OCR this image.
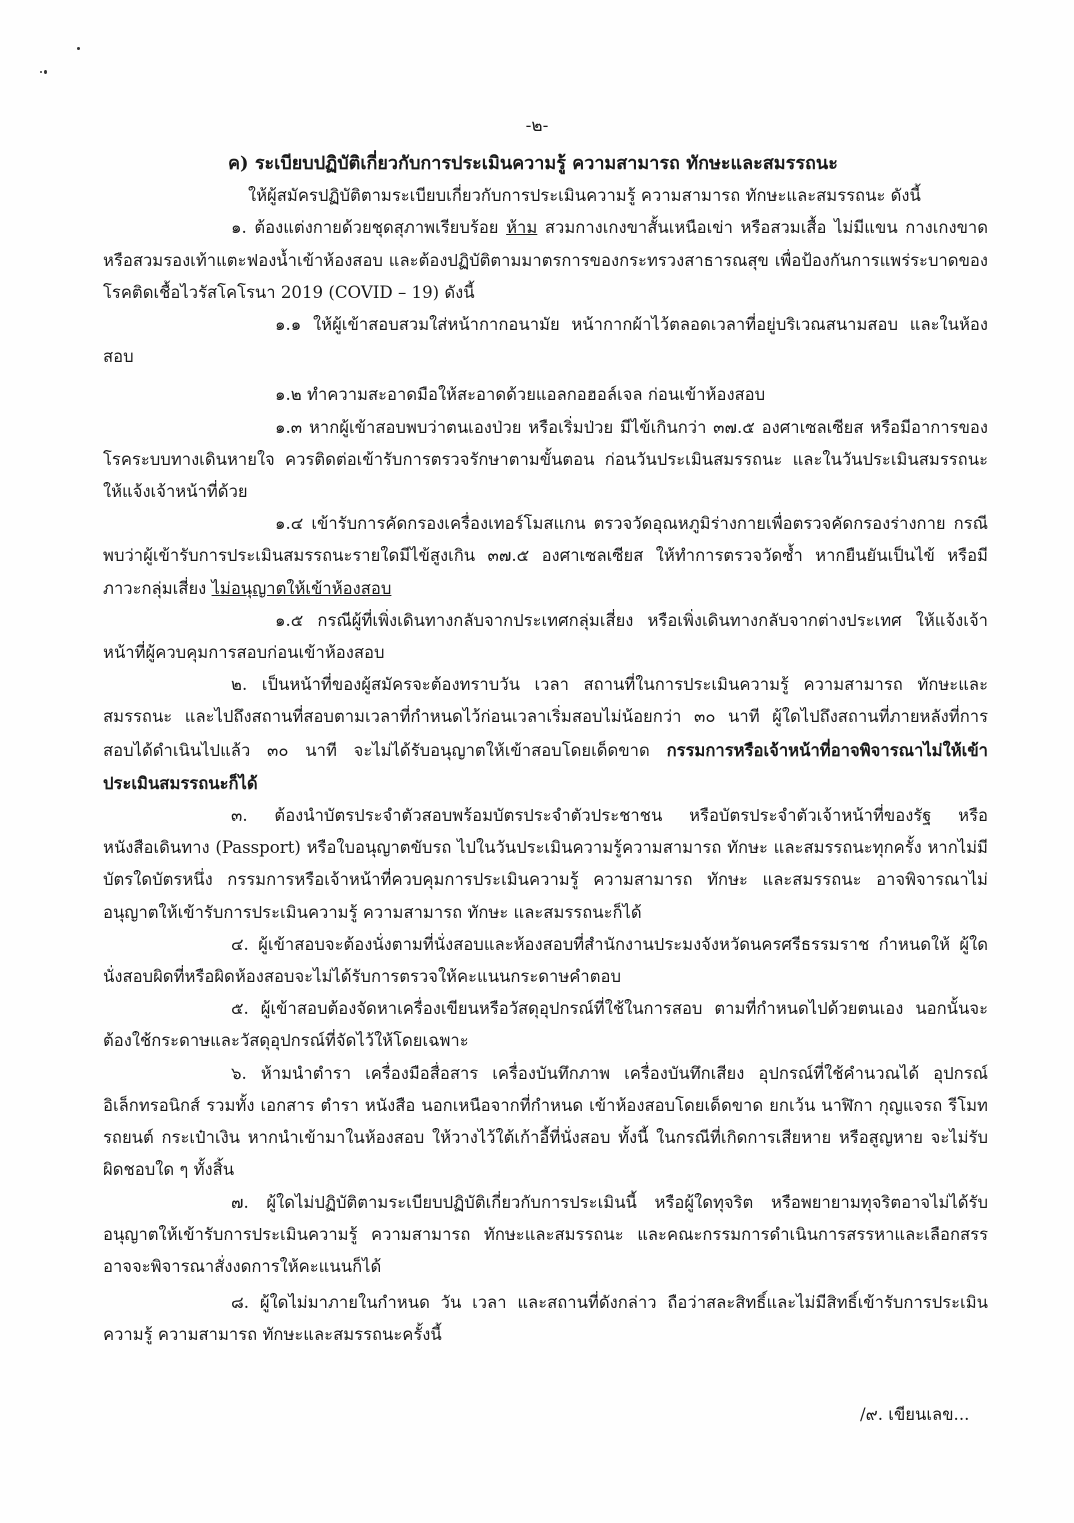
-๒-

ค) ระเบียบปฏิบัติเกี่ยวกับการประเมินความรู้ ความสามารถ ทักษะและสมรรถนะ

ให้ผู้สมัครปฏิบัติตามระเบียบเกี่ยวกับการประเมินความรู้ ความสามารถ ทักษะและสมรรถนะ ดังนี้

๑. ต้องแต่งกายด้วยชุดสุภาพเรียบร้อย ห้าม สวมกางเกงขาสั้นเหนือเข่า หรือสวมเสื้อ ไม่มีแขน กางเกงขาด หรือสวมรองเท้าแตะฟองน้ำเข้าห้องสอบ และต้องปฏิบัติตามมาตรการของกระทรวงสาธารณสุข เพื่อป้องกันการแพร่ระบาดของโรคติดเชื้อไวรัสโคโรนา 2019 (COVID – 19) ดังนี้

๑.๑ ให้ผู้เข้าสอบสวมใส่หน้ากากอนามัย หน้ากากผ้าไว้ตลอดเวลาที่อยู่บริเวณสนามสอบ และในห้องสอบ

๑.๒ ทำความสะอาดมือให้สะอาดด้วยแอลกอฮอล์เจล ก่อนเข้าห้องสอบ

๑.๓ หากผู้เข้าสอบพบว่าตนเองป่วย หรือเริ่มป่วย มีไข้เกินกว่า ๓๗.๕ องศาเซลเซียส หรือมีอาการของโรคระบบทางเดินหายใจ ควรติดต่อเข้ารับการตรวจรักษาตามขั้นตอน ก่อนวันประเมินสมรรถนะ และในวันประเมินสมรรถนะ ให้แจ้งเจ้าหน้าที่ด้วย

๑.๔ เข้ารับการคัดกรองเครื่องเทอร์โมสแกน ตรวจวัดอุณหภูมิร่างกายเพื่อตรวจคัดกรองร่างกาย กรณีพบว่าผู้เข้ารับการประเมินสมรรถนะรายใดมีไข้สูงเกิน ๓๗.๕ องศาเซลเซียส ให้ทำการตรวจวัดซ้ำ หากยืนยันเป็นไข้ หรือมีภาวะกลุ่มเสี่ยง ไม่อนุญาตให้เข้าห้องสอบ

๑.๕ กรณีผู้ที่เพิ่งเดินทางกลับจากประเทศกลุ่มเสี่ยง หรือเพิ่งเดินทางกลับจากต่างประเทศ ให้แจ้งเจ้าหน้าที่ผู้ควบคุมการสอบก่อนเข้าห้องสอบ

๒. เป็นหน้าที่ของผู้สมัครจะต้องทราบวัน เวลา สถานที่ในการประเมินความรู้ ความสามารถ ทักษะและสมรรถนะ และไปถึงสถานที่สอบตามเวลาที่กำหนดไว้ก่อนเวลาเริ่มสอบไม่น้อยกว่า ๓๐ นาที ผู้ใดไปถึงสถานที่ภายหลังที่การสอบได้ดำเนินไปแล้ว ๓๐ นาที จะไม่ได้รับอนุญาตให้เข้าสอบโดยเด็ดขาด กรรมการหรือเจ้าหน้าที่อาจพิจารณาไม่ให้เข้าประเมินสมรรถนะก็ได้

๓. ต้องนำบัตรประจำตัวสอบพร้อมบัตรประจำตัวประชาชน หรือบัตรประจำตัวเจ้าหน้าที่ของรัฐ หรือหนังสือเดินทาง (Passport) หรือใบอนุญาตขับรถ ไปในวันประเมินความรู้ความสามารถ ทักษะ และสมรรถนะทุกครั้ง หากไม่มีบัตรใดบัตรหนึ่ง กรรมการหรือเจ้าหน้าที่ควบคุมการประเมินความรู้ ความสามารถ ทักษะ และสมรรถนะ อาจพิจารณาไม่อนุญาตให้เข้ารับการประเมินความรู้ ความสามารถ ทักษะ และสมรรถนะก็ได้

๔. ผู้เข้าสอบจะต้องนั่งตามที่นั่งสอบและห้องสอบที่สำนักงานประมงจังหวัดนครศรีธรรมราช กำหนดให้ ผู้ใดนั่งสอบผิดที่หรือผิดห้องสอบจะไม่ได้รับการตรวจให้คะแนนกระดาษคำตอบ

๕. ผู้เข้าสอบต้องจัดหาเครื่องเขียนหรือวัสดุอุปกรณ์ที่ใช้ในการสอบ ตามที่กำหนดไปด้วยตนเอง นอกนั้นจะต้องใช้กระดาษและวัสดุอุปกรณ์ที่จัดไว้ให้โดยเฉพาะ

๖. ห้ามนำตำรา เครื่องมือสื่อสาร เครื่องบันทึกภาพ เครื่องบันทึกเสียง อุปกรณ์ที่ใช้คำนวณได้ อุปกรณ์อิเล็กทรอนิกส์ รวมทั้ง เอกสาร ตำรา หนังสือ นอกเหนือจากที่กำหนด เข้าห้องสอบโดยเด็ดขาด ยกเว้น นาฬิกา กุญแจรถ รีโมทรถยนต์ กระเป๋าเงิน หากนำเข้ามาในห้องสอบ ให้วางไว้ใต้เก้าอี้ที่นั่งสอบ ทั้งนี้ ในกรณีที่เกิดการเสียหาย หรือสูญหาย จะไม่รับผิดชอบใด ๆ ทั้งสิ้น

๗. ผู้ใดไม่ปฏิบัติตามระเบียบปฏิบัติเกี่ยวกับการประเมินนี้ หรือผู้ใดทุจริต หรือพยายามทุจริตอาจไม่ได้รับอนุญาตให้เข้ารับการประเมินความรู้ ความสามารถ ทักษะและสมรรถนะ และคณะกรรมการดำเนินการสรรหาและเลือกสรรอาจจะพิจารณาสั่งงดการให้คะแนนก็ได้

๘. ผู้ใดไม่มาภายในกำหนด วัน เวลา และสถานที่ดังกล่าว ถือว่าสละสิทธิ์และไม่มีสิทธิ์เข้ารับการประเมินความรู้ ความสามารถ ทักษะและสมรรถนะครั้งนี้

/๙. เขียนเลข...
